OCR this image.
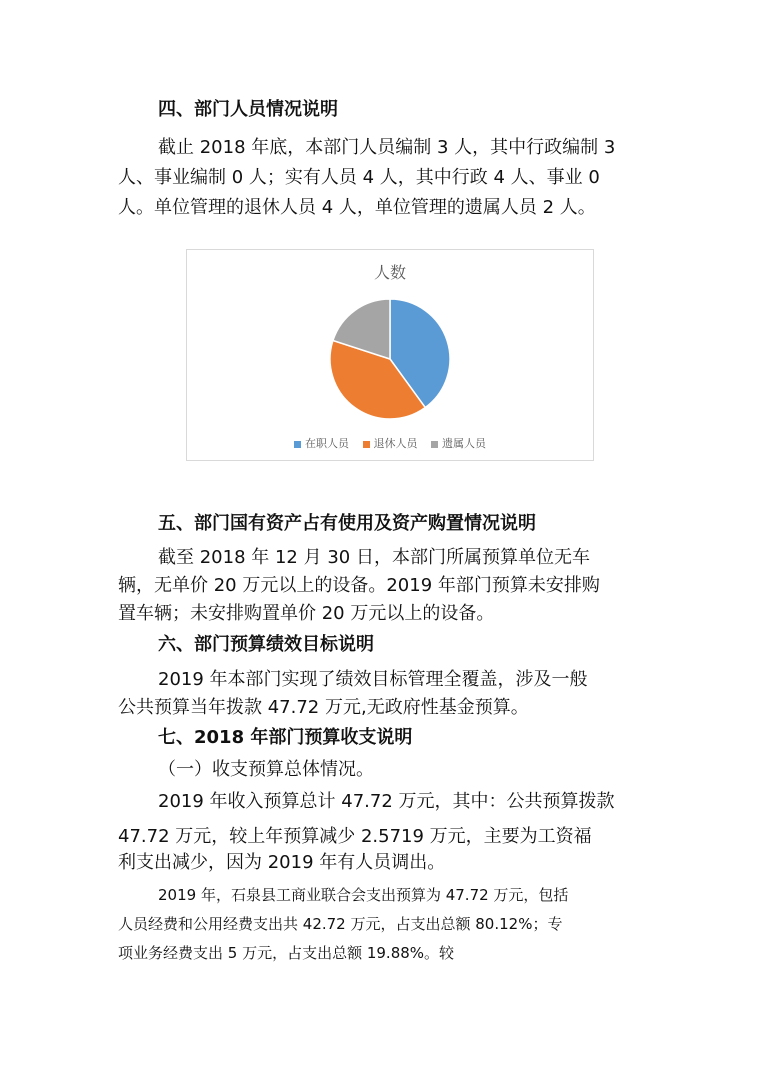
四、部门人员情况说明
截止 2018 年底，本部门人员编制 3 人，其中行政编制 3
人、事业编制 0 人；实有人员 4 人，其中行政 4 人、事业 0
人。单位管理的退休人员 4 人，单位管理的遗属人员 2 人。
人数
在职人员 退休人员 遗属人员
五、部门国有资产占有使用及资产购置情况说明
截至 2018 年 12 月 30 日，本部门所属预算单位无车
辆，无单价 20 万元以上的设备。2019 年部门预算未安排购
置车辆；未安排购置单价 20 万元以上的设备。
六、部门预算绩效目标说明
2019 年本部门实现了绩效目标管理全覆盖，涉及一般
公共预算当年拨款 47.72 万元,无政府性基金预算。
七、2018 年部门预算收支说明
（一）收支预算总体情况。
2019 年收入预算总计 47.72 万元，其中：公共预算拨款
47.72 万元，较上年预算减少 2.5719 万元，主要为工资福
利支出减少，因为 2019 年有人员调出。
2019 年，石泉县工商业联合会支出预算为 47.72 万元，包括
人员经费和公用经费支出共 42.72 万元，占支出总额 80.12%；专
项业务经费支出 5 万元，占支出总额 19.88%。较
